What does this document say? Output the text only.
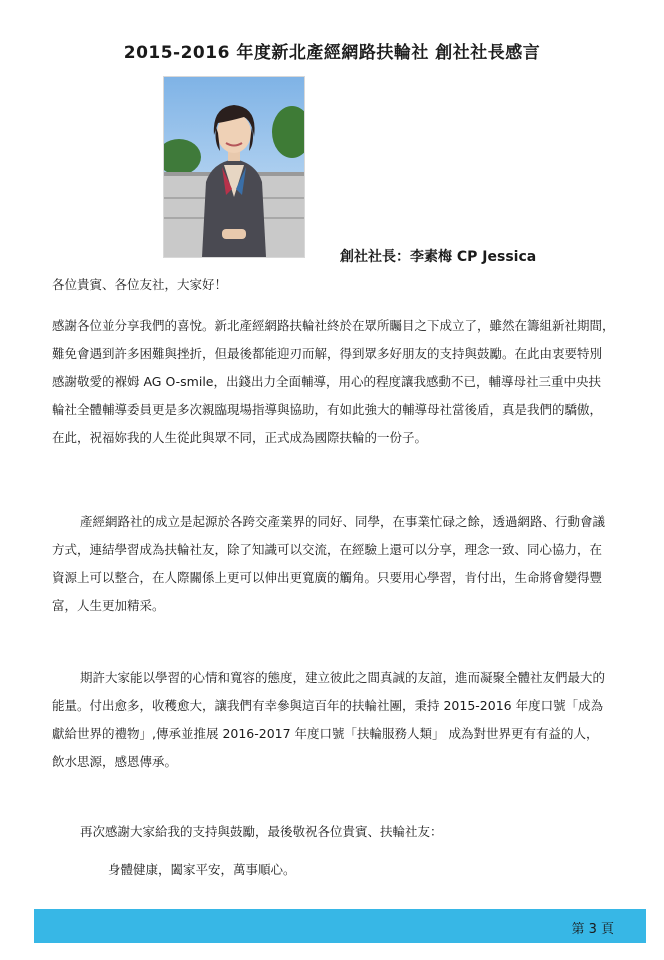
2015-2016 年度新北產經網路扶輪社 創社社長感言
創社社長：李素梅 CP Jessica
各位貴賓、各位友社，大家好！

感謝各位並分享我們的喜悅。新北產經網路扶輪社終於在眾所矚目之下成立了，雖然在籌組新社期間，

難免會遇到許多困難與挫折，但最後都能迎刃而解，得到眾多好朋友的支持與鼓勵。在此由衷要特別

感謝敬愛的褓姆 AG O-smile，出錢出力全面輔導，用心的程度讓我感動不已，輔導母社三重中央扶

輪社全體輔導委員更是多次親臨現場指導與協助，有如此強大的輔導母社當後盾，真是我們的驕傲，

在此，祝福妳我的人生從此與眾不同，正式成為國際扶輪的一份子。

產經網路社的成立是起源於各跨交產業界的同好、同學，在事業忙碌之餘，透過網路、行動會議

方式，連結學習成為扶輪社友，除了知識可以交流，在經驗上還可以分享，理念一致、同心協力，在

資源上可以整合，在人際關係上更可以伸出更寬廣的觸角。只要用心學習，肯付出，生命將會變得豐

富，人生更加精采。

期許大家能以學習的心情和寬容的態度，建立彼此之間真誠的友誼，進而凝聚全體社友們最大的

能量。付出愈多，收穫愈大，讓我們有幸參與這百年的扶輪社團，秉持 2015-2016 年度口號「成為

獻給世界的禮物」,傳承並推展 2016-2017 年度口號「扶輪服務人類」 成為對世界更有有益的人，

飲水思源，感恩傳承。

再次感謝大家給我的支持與鼓勵，最後敬祝各位貴賓、扶輪社友：
身體健康，闔家平安，萬事順心。
第 3 頁
